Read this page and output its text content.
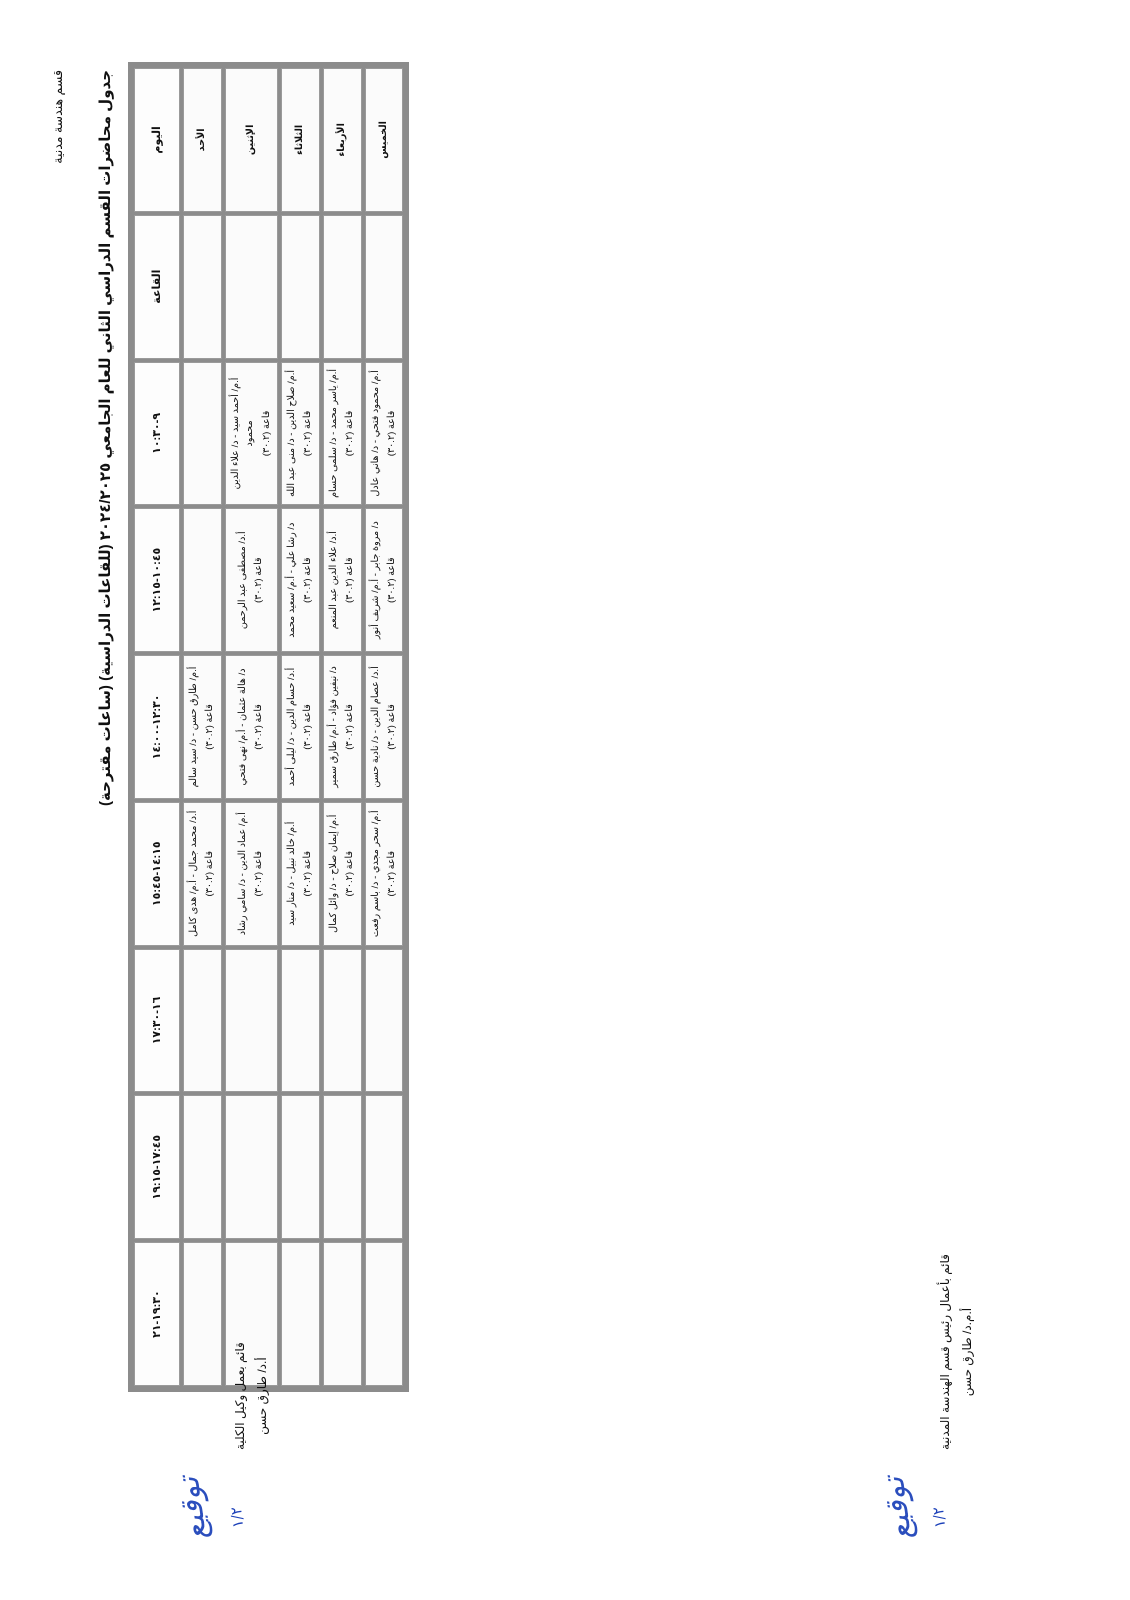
قسم هندسة مدنية
جدول محاضرات القسم الدراسي الثاني للعام الجامعي ٢٠٢٤/٢٠٢٥ (للقاعات الدراسية) (ساعات مقترحة)	اليوم	القاعة	٩-١٠:٣٠	١٠:٤٥-١٢:١٥	١٢:٣٠-١٤:٠٠	١٤:١٥-١٥:٤٥	١٦-١٧:٣٠	١٧:٤٥-١٩:١٥	١٩:٣٠-٢١
الأحد				أ.م/ طارق حسن - د/ سيد سالم قاعة (٣٠.٢)	أ.د/ محمد جمال - أ.م/ هدى كامل قاعة (٣٠.٢)			

الإثنين		أ.م/ أحمد سيد - د/ علاء الدين محمود
قاعة (٣٠.٢)	أ.د/ مصطفى عبد الرحمن قاعة (٣٠.٢)	د/ هالة عثمان - أ.م/ نهى فتحي قاعة (٣٠.٢)	أ.م/ عماد الدين - د/ سامي رشاد قاعة (٣٠.٢)			

الثلاثاء		أ.م/ صلاح الدين - د/ منى عبد الله قاعة (٣٠.٢)	د/ رشا علي - أ.م/ سعيد محمد قاعة (٣٠.٢)	أ.د/ حسام الدين - د/ ليلى أحمد قاعة (٣٠.٢)	أ.م/ خالد نبيل - د/ منار سيد قاعة (٣٠.٢)			

الأربعاء		أ.م/ ياسر محمد - د/ سلمى حسام قاعة (٣٠.٢)	أ.د/ علاء الدين عبد المنعم قاعة (٣٠.٢)	د/ نيفين فؤاد - أ.م/ طارق سمير قاعة (٣٠.٢)	أ.م/ إيمان صلاح - د/ وائل كمال قاعة (٣٠.٢)			

الخميس		أ.م/ محمود فتحي - د/ هاني عادل قاعة (٣٠.٢)	د/ مروة جابر - أ.م/ شريف أنور قاعة (٣٠.٢)	أ.د/ عصام الدين - د/ نادية حسن قاعة (٣٠.٢)	أ.م/ سحر مجدي - د/ باسم رفعت قاعة (٣٠.٢)			

قائم بعمل وكيل الكلية أ.د/ طارق حسن
توقيع ١/٢
قائم بأعمال رئيس قسم الهندسة المدنية أ.م.د/ طارق حسن
توقيع ١/٢
